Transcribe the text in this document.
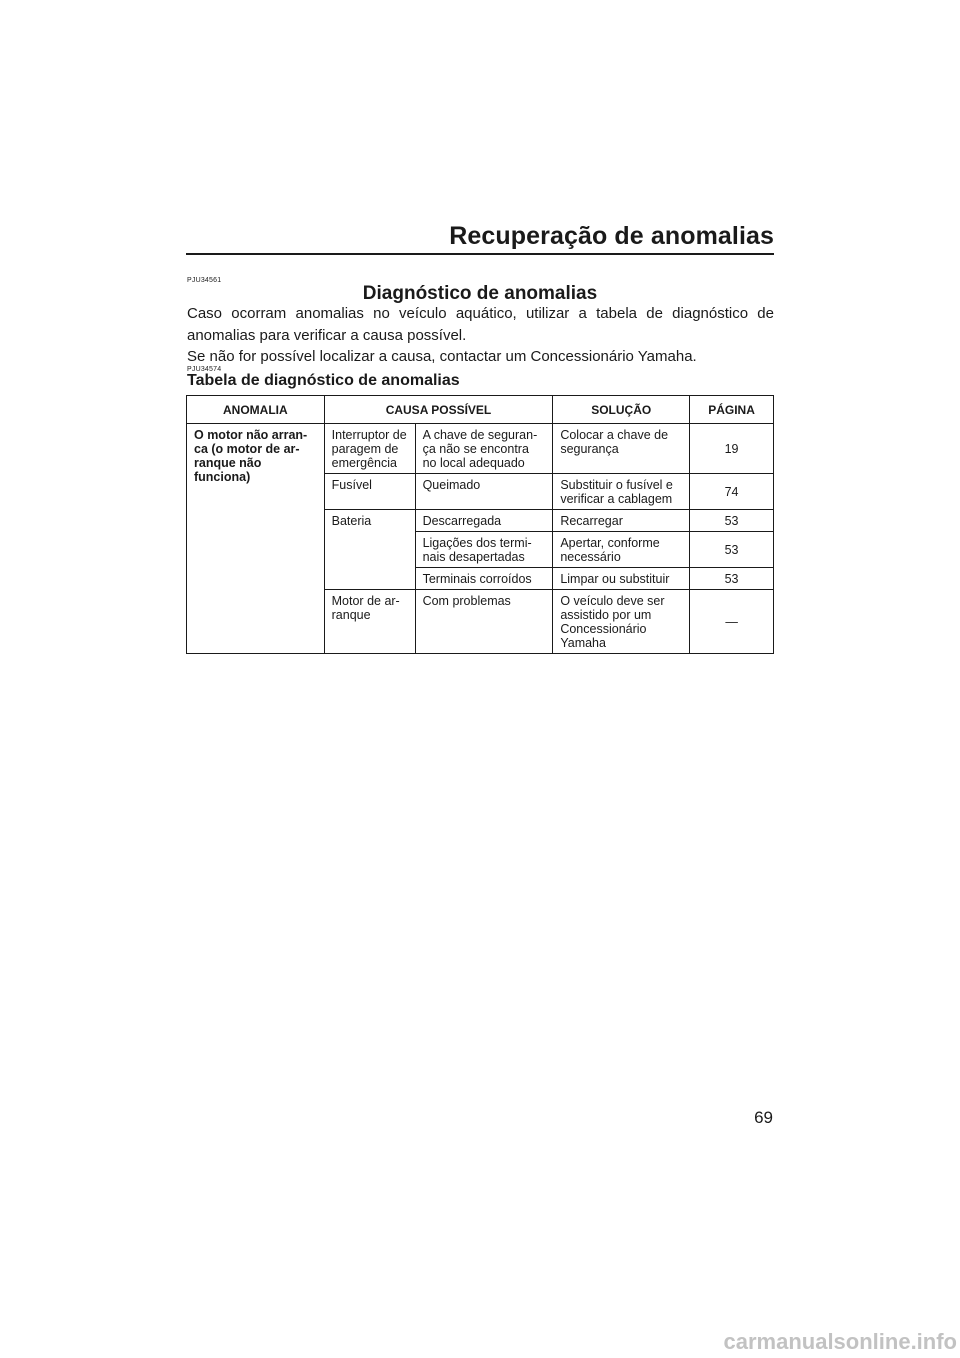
Recuperação de anomalias
PJU34561
Diagnóstico de anomalias

Caso ocorram anomalias no veículo aquático, utilizar a tabela de diagnóstico de anomalias para verificar a causa possível.

Se não for possível localizar a causa, contactar um Concessionário Yamaha.

PJU34574
Tabela de diagnóstico de anomalias
ANOMALIA	CAUSA POSSÍVEL		SOLUÇÃO	PÁGINA
O motor não arran-
ca (o motor de ar-
ranque não
funciona)	Interruptor de
paragem de
emergência	A chave de seguran-
ça não se encontra
no local adequado	Colocar a chave de
segurança	19
	Fusível	Queimado	Substituir o fusível e
verificar a cablagem	74
	Bateria	Descarregada	Recarregar	53
		Ligações dos termi-
nais desapertadas	Apertar, conforme
necessário	53
		Terminais corroídos	Limpar ou substituir	53
	Motor de ar-
ranque	Com problemas	O veículo deve ser
assistido por um
Concessionário
Yamaha	—
69
carmanualsonline.info
